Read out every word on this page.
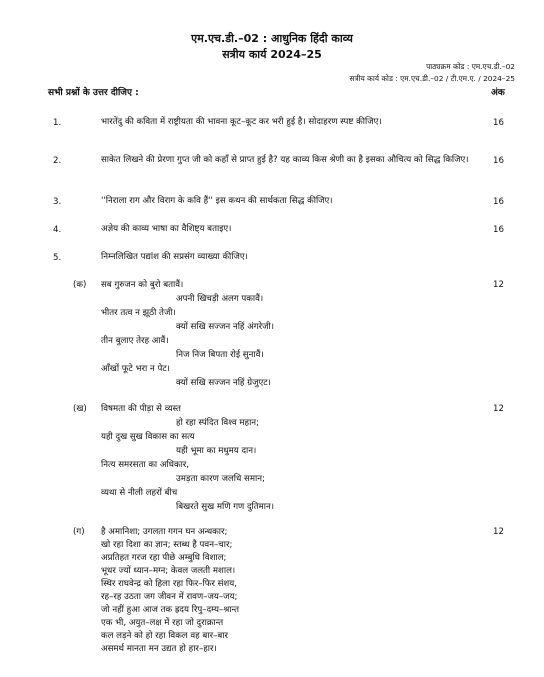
एम.एच.डी.–02 : आधुनिक हिंदी काव्य
सत्रीय कार्य 2024–25
पाठ्यक्रम कोड : एम.एच.डी.–02
सत्रीय कार्य कोड : एम.एच.डी.–02 / टी.एम.ए. / 2024–25
सभी प्रश्नों के उत्तर दीजिए :	अंक
1.	भारतेंदु की कविता में राष्ट्रीयता की भावना कूट–कूट कर भरी हुई है। सोदाहरण स्पष्ट कीजिए।	16
2.	साकेत लिखने की प्रेरणा गुप्त जी को कहाँ से प्राप्त हुई है? यह काव्य किस श्रेणी का है इसका औचित्य को सिद्ध किजिए।	16
3.	''निराला राग और विराग के कवि हैं'' इस कथन की सार्थकता सिद्ध कीजिए।	16
4.	अज्ञेय की काव्य भाषा का वैशिष्ट्य बताइए।	16
5.	निम्नलिखित पद्यांश की सप्रसंग व्याख्या कीजिए।
(क)	12
सब गुरुजन को बुरो बतावैं।
अपनी खिचड़ी अलग पकावैं।
भीतर तत्व न झूठी तेजी।
क्यों सखि सज्जन नहिं अंगरेजी।
तीन बुलाए तेरह आवैं।
निज निज बिपता रोई सुनावैं।
आँखों फूटे भरा न पेट।
क्यों सखि सज्जन नहिं ग्रेजुएट।
(ख)	12
विषमता की पीड़ा से व्यस्त
हो रहा स्पंदित विश्व महान;
यही दुख सुख विकास का सत्य
यही भूमा का मधुमय दान।
नित्य समरसता का अधिकार,
उमड़ता कारण जलधि समान;
व्यथा से नीली लहरों बीच
बिखरते सुख मणि गण दुतिमान।
(ग)	12
है अमानिशा; उगलता गगन घन अन्धकार;
खो रहा दिशा का ज्ञान; स्तब्ध है पवन–चार;
अप्रतिहत गरज रहा पीछे अम्बुधि विशाल;
भूधर ज्यों ध्यान–मग्न; केवल जलती मशाल।
स्थिर राघवेन्द्र को हिला रहा फिर–फिर संशय,
रह–रह उठता जग जीवन में रावण–जय–जय;
जो नहीं हुआ आज तक ह्रदय रिपु–दम्य–श्रान्त
एक भी, अयुत–लक्ष में रहा जो दुराक्रान्त
कल लड़ने को हो रहा विकल वह बार–बार
असमर्थ मानता मन उद्यत हो हार–हार।
